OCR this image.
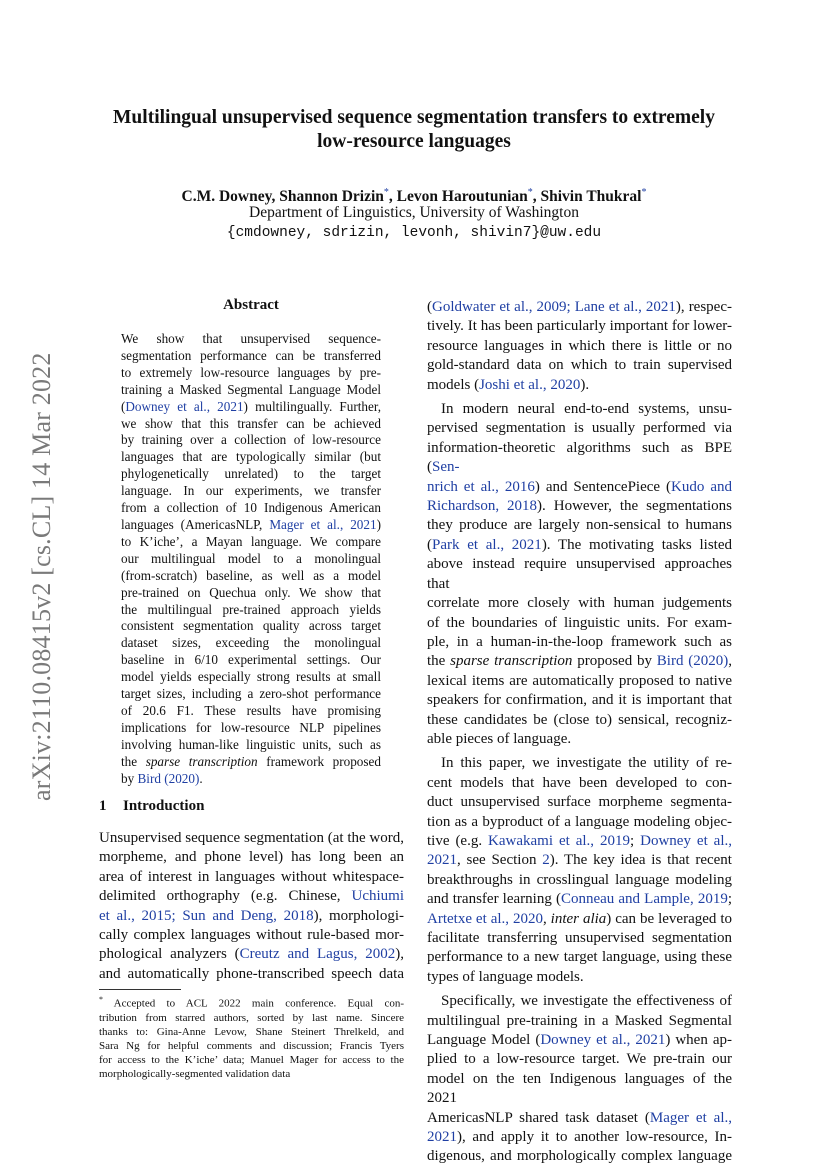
arXiv:2110.08415v2 [cs.CL] 14 Mar 2022
Multilingual unsupervised sequence segmentation transfers to extremely
low-resource languages
C.M. Downey, Shannon Drizin*, Levon Haroutunian*, Shivin Thukral*
Department of Linguistics, University of Washington
{cmdowney, sdrizin, levonh, shivin7}@uw.edu
Abstract
We show that unsupervised sequence-
segmentation performance can be transferred
to extremely low-resource languages by pre-
training a Masked Segmental Language Model
(Downey et al., 2021) multilingually. Further,
we show that this transfer can be achieved
by training over a collection of low-resource
languages that are typologically similar (but
phylogenetically unrelated) to the target
language. In our experiments, we transfer
from a collection of 10 Indigenous American
languages (AmericasNLP, Mager et al., 2021)
to K’iche’, a Mayan language. We compare
our multilingual model to a monolingual
(from-scratch) baseline, as well as a model
pre-trained on Quechua only. We show that
the multilingual pre-trained approach yields
consistent segmentation quality across target
dataset sizes, exceeding the monolingual
baseline in 6/10 experimental settings. Our
model yields especially strong results at small
target sizes, including a zero-shot performance
of 20.6 F1. These results have promising
implications for low-resource NLP pipelines
involving human-like linguistic units, such as
the sparse transcription framework proposed
by Bird (2020).
1 Introduction
Unsupervised sequence segmentation (at the word,
morpheme, and phone level) has long been an
area of interest in languages without whitespace-
delimited orthography (e.g. Chinese, Uchiumi
et al., 2015; Sun and Deng, 2018), morphologi-
cally complex languages without rule-based mor-
phological analyzers (Creutz and Lagus, 2002),
and automatically phone-transcribed speech data
* Accepted to ACL 2022 main conference. Equal con-
tribution from starred authors, sorted by last name. Sincere
thanks to: Gina-Anne Levow, Shane Steinert Threlkeld, and
Sara Ng for helpful comments and discussion; Francis Tyers
for access to the K’iche’ data; Manuel Mager for access to the
morphologically-segmented validation data

(Goldwater et al., 2009; Lane et al., 2021), respec-
tively. It has been particularly important for lower-
resource languages in which there is little or no
gold-standard data on which to train supervised
models (Joshi et al., 2020).

In modern neural end-to-end systems, unsu-
pervised segmentation is usually performed via
information-theoretic algorithms such as BPE (Sen-
nrich et al., 2016) and SentencePiece (Kudo and
Richardson, 2018). However, the segmentations
they produce are largely non-sensical to humans
(Park et al., 2021). The motivating tasks listed
above instead require unsupervised approaches that
correlate more closely with human judgements
of the boundaries of linguistic units. For exam-
ple, in a human-in-the-loop framework such as
the sparse transcription proposed by Bird (2020),
lexical items are automatically proposed to native
speakers for confirmation, and it is important that
these candidates be (close to) sensical, recogniz-
able pieces of language.

In this paper, we investigate the utility of re-
cent models that have been developed to con-
duct unsupervised surface morpheme segmenta-
tion as a byproduct of a language modeling objec-
tive (e.g. Kawakami et al., 2019; Downey et al.,
2021, see Section 2). The key idea is that recent
breakthroughs in crosslingual language modeling
and transfer learning (Conneau and Lample, 2019;
Artetxe et al., 2020, inter alia) can be leveraged to
facilitate transferring unsupervised segmentation
performance to a new target language, using these
types of language models.

Specifically, we investigate the effectiveness of
multilingual pre-training in a Masked Segmental
Language Model (Downey et al., 2021) when ap-
plied to a low-resource target. We pre-train our
model on the ten Indigenous languages of the 2021
AmericasNLP shared task dataset (Mager et al.,
2021), and apply it to another low-resource, In-
digenous, and morphologically complex language
